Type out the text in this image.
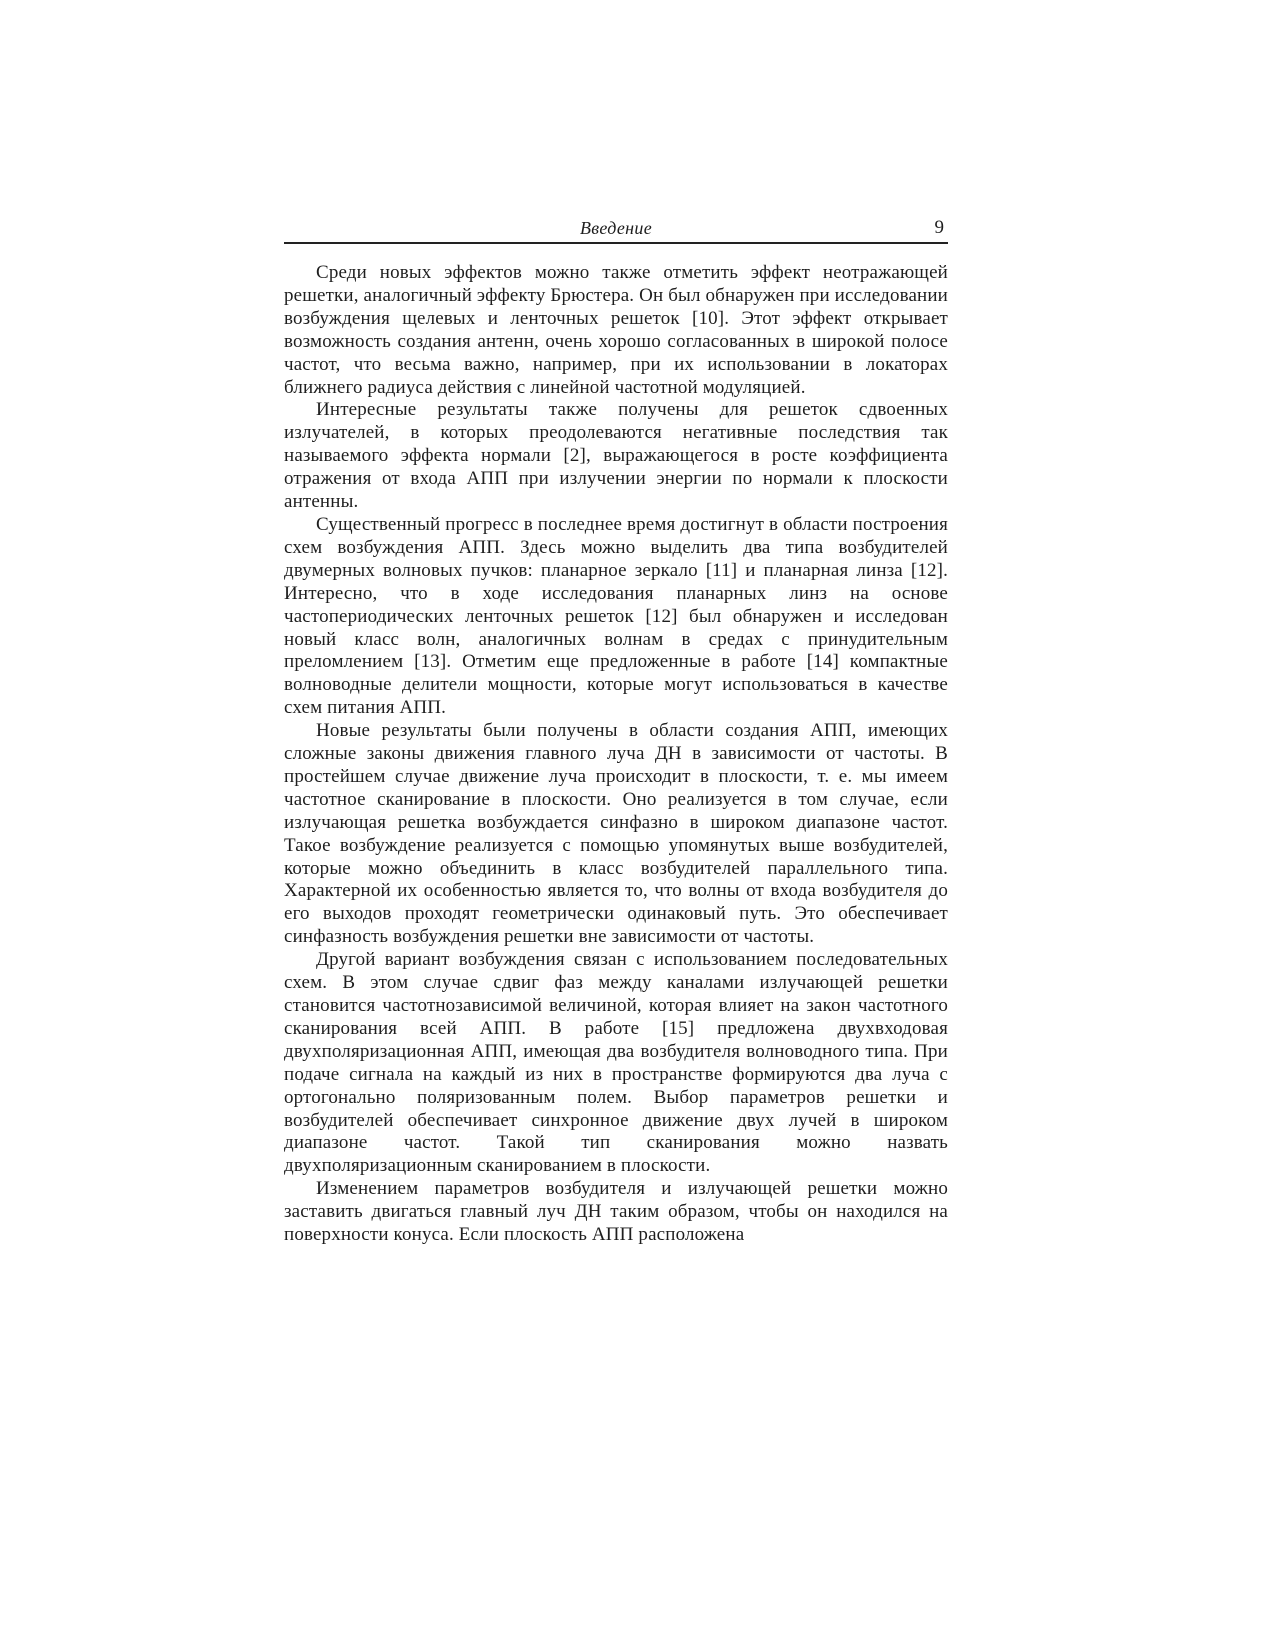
Введение	9

Среди новых эффектов можно также отметить эффект неотражающей решетки, аналогичный эффекту Брюстера. Он был обнаружен при исследовании возбуждения щелевых и ленточных решеток [10]. Этот эффект открывает возможность создания антенн, очень хорошо согласованных в широкой полосе частот, что весьма важно, например, при их использовании в локаторах ближнего радиуса действия с линейной частотной модуляцией.

Интересные результаты также получены для решеток сдвоенных излучателей, в которых преодолеваются негативные последствия так называемого эффекта нормали [2], выражающегося в росте коэффициента отражения от входа АПП при излучении энергии по нормали к плоскости антенны.

Существенный прогресс в последнее время достигнут в области построения схем возбуждения АПП. Здесь можно выделить два типа возбудителей двумерных волновых пучков: планарное зеркало [11] и планарная линза [12]. Интересно, что в ходе исследования планарных линз на основе частопериодических ленточных решеток [12] был обнаружен и исследован новый класс волн, аналогичных волнам в средах с принудительным преломлением [13]. Отметим еще предложенные в работе [14] компактные волноводные делители мощности, которые могут использоваться в качестве схем питания АПП.

Новые результаты были получены в области создания АПП, имеющих сложные законы движения главного луча ДН в зависимости от частоты. В простейшем случае движение луча происходит в плоскости, т. е. мы имеем частотное сканирование в плоскости. Оно реализуется в том случае, если излучающая решетка возбуждается синфазно в широком диапазоне частот. Такое возбуждение реализуется с помощью упомянутых выше возбудителей, которые можно объединить в класс возбудителей параллельного типа. Характерной их особенностью является то, что волны от входа возбудителя до его выходов проходят геометрически одинаковый путь. Это обеспечивает синфазность возбуждения решетки вне зависимости от частоты.

Другой вариант возбуждения связан с использованием последовательных схем. В этом случае сдвиг фаз между каналами излучающей решетки становится частотнозависимой величиной, которая влияет на закон частотного сканирования всей АПП. В работе [15] предложена двухвходовая двухполяризационная АПП, имеющая два возбудителя волноводного типа. При подаче сигнала на каждый из них в пространстве формируются два луча с ортогонально поляризованным полем. Выбор параметров решетки и возбудителей обеспечивает синхронное движение двух лучей в широком диапазоне частот. Такой тип сканирования можно назвать двухполяризационным сканированием в плоскости.

Изменением параметров возбудителя и излучающей решетки можно заставить двигаться главный луч ДН таким образом, чтобы он находился на поверхности конуса. Если плоскость АПП расположена
